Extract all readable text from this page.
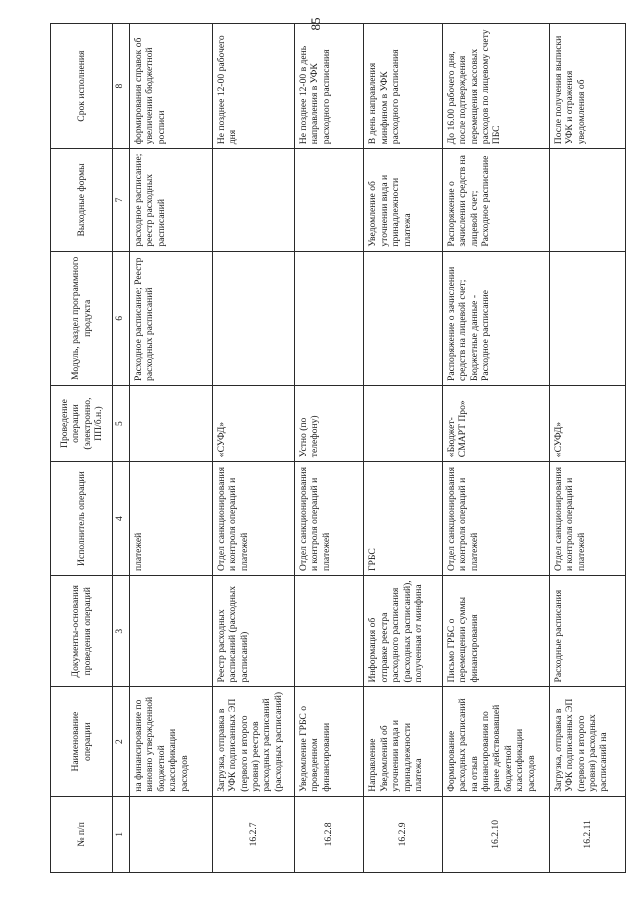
85
№ п/п	Наименование операции	Документы-основания проведения операций	Исполнитель операции	Проведение операции (электронно, ПП/б.н.)	Модуль, раздел программного продукта	Выходные формы	Срок исполнения
1	2	3	4	5	6	7	8
	на финансирование по виновно утвержденной бюджетной классификации расходов		платежей		Расходное расписание; Реестр расходных расписаний	расходное расписание; реестр расходных расписаний	формирования справок об увеличении бюджетной росписи
16.2.7	Загрузка, отправка в УФК подписанных ЭП (первого и второго уровня) реестров расходных расписаний (расходных расписаний)	Реестр расходных расписаний (расходных расписаний)	Отдел санкционирования и контроля операций и платежей	«СУФД»			Не позднее 12-00 рабочего дня
16.2.8	Уведомление ГРБС о проведенном финансировании		Отдел санкционирования и контроля операций и платежей	Устно (по телефону)			Не позднее 12-00 в день направления в УФК расходного расписания
16.2.9	Направление Уведомлений об уточнении вида и принадлежности платежа	Информация об отправке реестра расходного расписания (расходных расписаний), полученная от минфина	ГРБС			Уведомление об уточнении вида и принадлежности платежа	В день направления минфином в УФК расходного расписания
16.2.10	Формирование расходных расписаний на отзыв финансирования по ранее действовавшей бюджетной классификации расходов	Письмо ГРБС о перемещении суммы финансирования	Отдел санкционирования и контроля операций и платежей	«Бюджет-СМАРТ Про»	Распоряжение о зачислении средств на лицевой счет; Бюджетные данные - Расходное расписание	Распоряжение о зачислении средств на лицевой счет; Расходное расписание	До 16.00 рабочего дня, после подтверждения перемещения кассовых расходов по лицевому счету ПБС
16.2.11	Загрузка, отправка в УФК подписанных ЭП (первого и второго уровня) расходных расписаний на	Расходные расписания	Отдел санкционирования и контроля операций и платежей	«СУФД»			После получения выписки УФК и отражения уведомления об
